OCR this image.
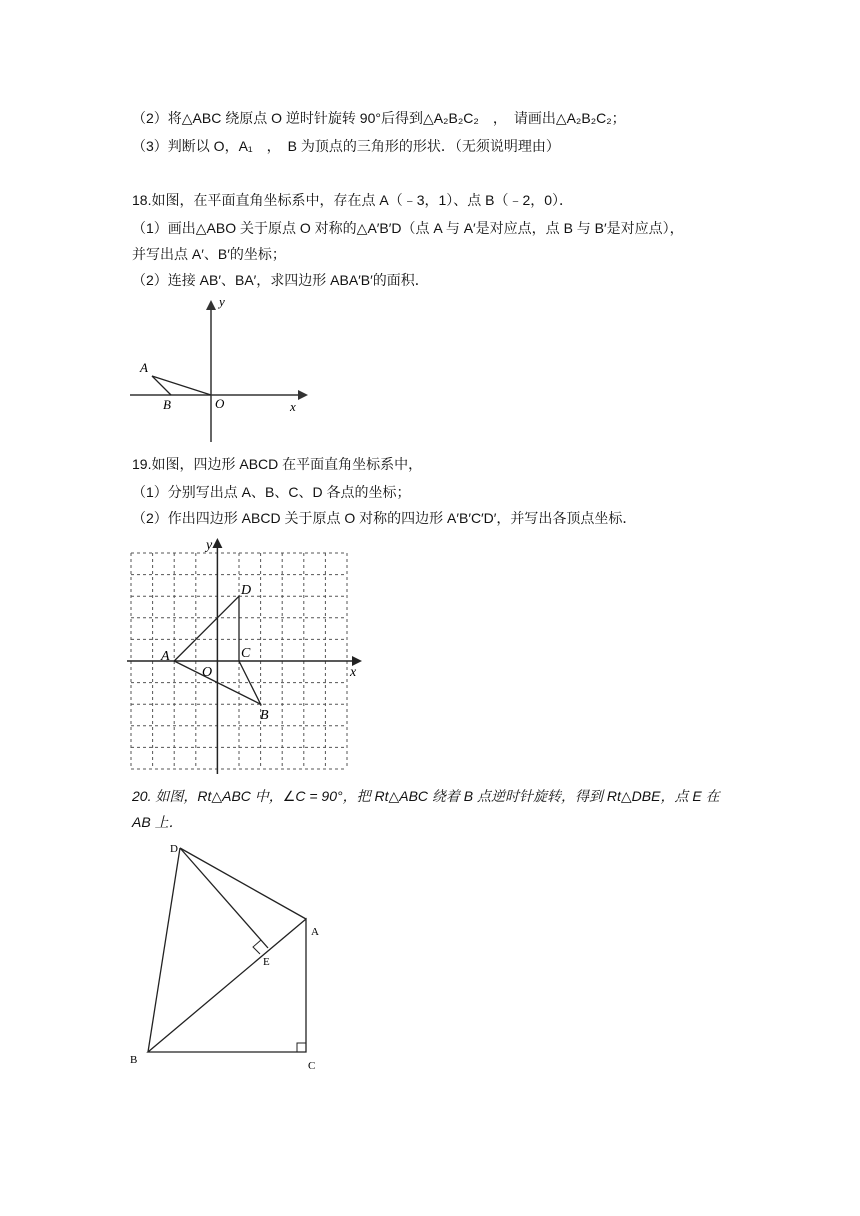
（2）将△ABC 绕原点 O 逆时针旋转 90°后得到△A₂B₂C₂　，　请画出△A₂B₂C₂；
（3）判断以 O，A₁　，　B 为顶点的三角形的形状．（无须说明理由）
18.如图，在平面直角坐标系中，存在点 A（﹣3，1）、点 B（﹣2，0）．
（1）画出△ABO 关于原点 O 对称的△A′B′D（点 A 与 A′是对应点，点 B 与 B′是对应点），
并写出点 A′、B′的坐标；
（2）连接 AB′、BA′，求四边形 ABA′B′的面积．
y
x
O
A
B
19.如图，四边形 ABCD 在平面直角坐标系中，
（1）分别写出点 A、B、C、D 各点的坐标；
（2）作出四边形 ABCD 关于原点 O 对称的四边形 A′B′C′D′，并写出各顶点坐标．
y
x
O
A
B
C
D
20. 如图，Rt△ABC 中，∠C = 90°，把 Rt△ABC 绕着 B 点逆时针旋转，得到 Rt△DBE，点 E 在
AB 上．
D
A
E
B	C
